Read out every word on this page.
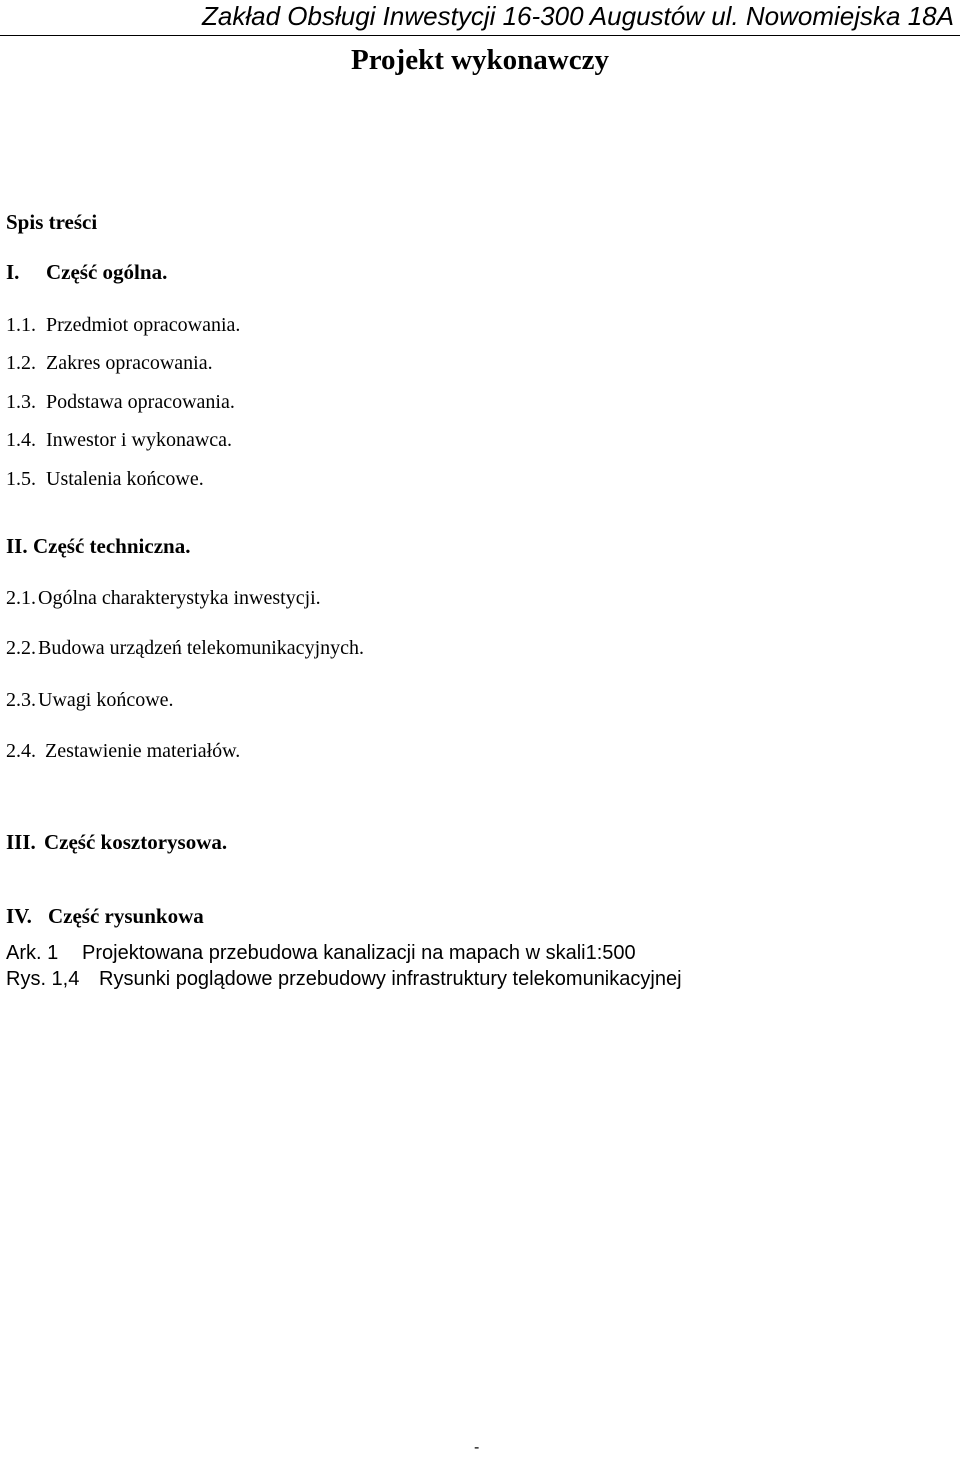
Zakład Obsługi Inwestycji 16-300 Augustów ul. Nowomiejska 18A
Projekt wykonawczy
Spis treści
I. Część ogólna.
1.1. Przedmiot opracowania.
1.2. Zakres opracowania.
1.3. Podstawa opracowania.
1.4. Inwestor i wykonawca.
1.5. Ustalenia końcowe.
II. Część techniczna.
2.1. Ogólna charakterystyka inwestycji.
2.2. Budowa urządzeń telekomunikacyjnych.
2.3. Uwagi końcowe.
2.4. Zestawienie materiałów.
III. Część kosztorysowa.
IV. Część rysunkowa
Ark. 1 Projektowana przebudowa kanalizacji na mapach w skali1:500
Rys. 1,4 Rysunki poglądowe przebudowy infrastruktury telekomunikacyjnej
-
